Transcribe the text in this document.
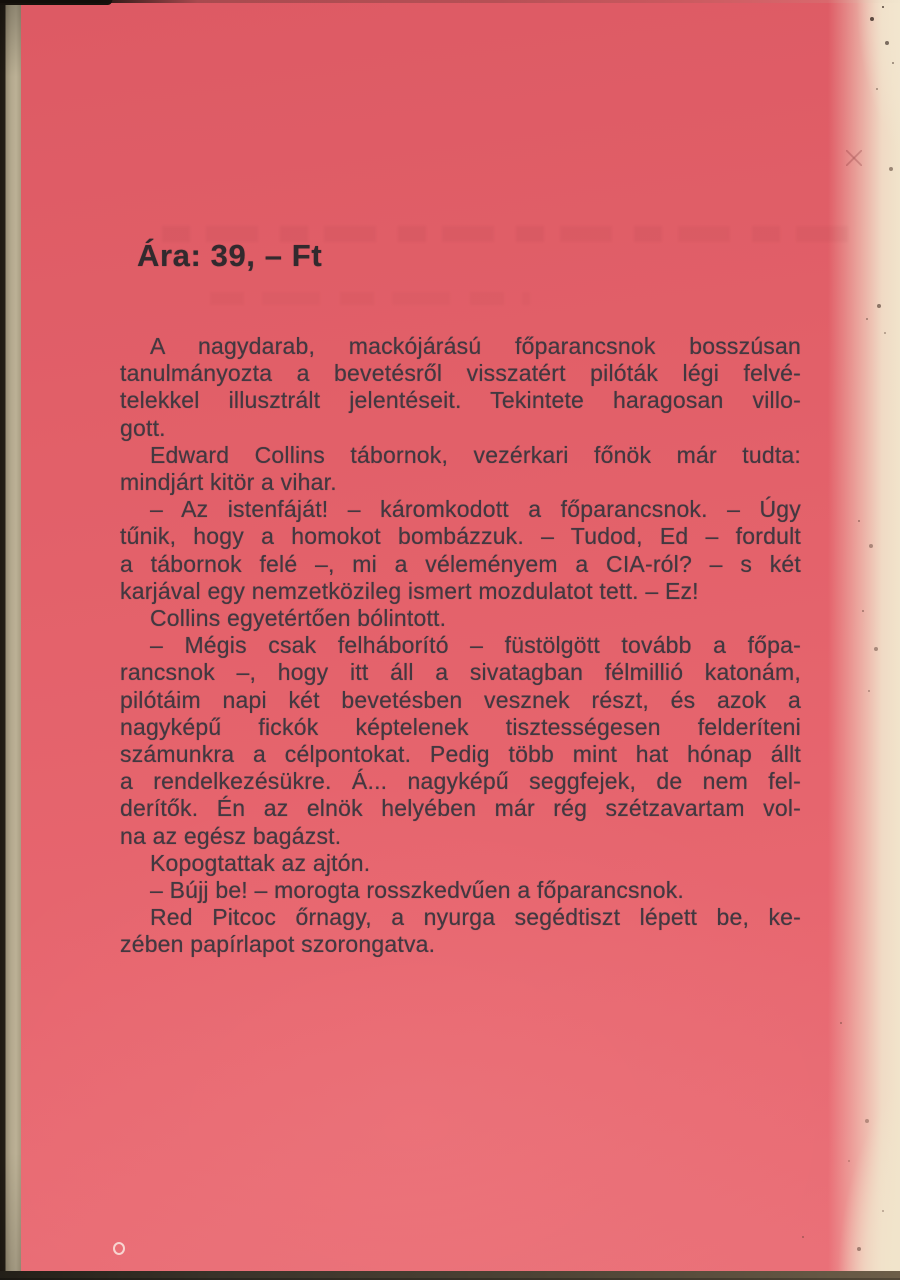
Ára: 39, – Ft
A nagydarab, mackójárású főparancsnok bosszúsan
tanulmányozta a bevetésről visszatért pilóták légi felvé-
telekkel illusztrált jelentéseit. Tekintete haragosan villo-
gott.
Edward Collins tábornok, vezérkari főnök már tudta:
mindjárt kitör a vihar.
– Az istenfáját! – káromkodott a főparancsnok. – Úgy
tűnik, hogy a homokot bombázzuk. – Tudod, Ed – fordult
a tábornok felé –, mi a véleményem a CIA-ról? – s két
karjával egy nemzetközileg ismert mozdulatot tett. – Ez!
Collins egyetértően bólintott.
– Mégis csak felháborító – füstölgött tovább a főpa-
rancsnok –, hogy itt áll a sivatagban félmillió katonám,
pilótáim napi két bevetésben vesznek részt, és azok a
nagyképű fickók képtelenek tisztességesen felderíteni
számunkra a célpontokat. Pedig több mint hat hónap állt
a rendelkezésükre. Á... nagyképű seggfejek, de nem fel-
derítők. Én az elnök helyében már rég szétzavartam vol-
na az egész bagázst.
Kopogtattak az ajtón.
– Bújj be! – morogta rosszkedvűen a főparancsnok.
Red Pitcoc őrnagy, a nyurga segédtiszt lépett be, ke-
zében papírlapot szorongatva.
